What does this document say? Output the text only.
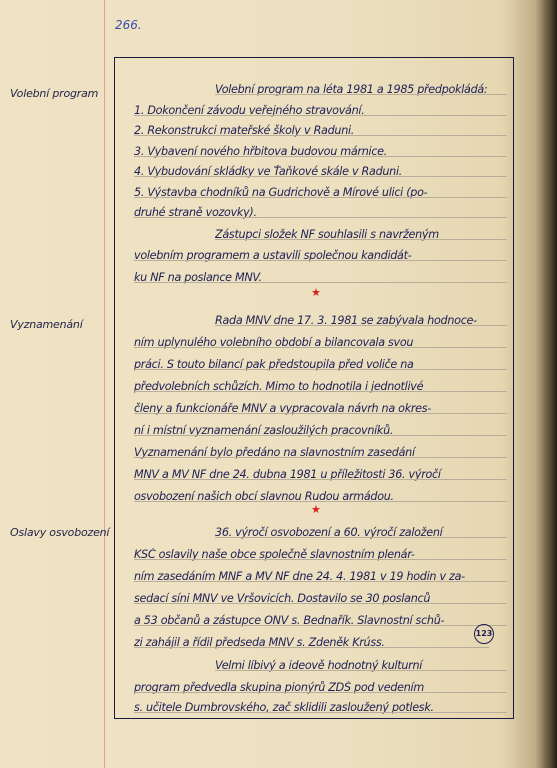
266.
Volební program
Vyznamenání
Oslavy osvobození
Volební program na léta 1981 a 1985 předpokládá:
1. Dokončení závodu veřejného stravování.
2. Rekonstrukci mateřské školy v Raduni.
3. Vybavení nového hřbitova budovou márnice.
4. Vybudování skládky ve Ťaňkové skále v Raduni.
5. Výstavba chodníků na Gudrichově a Mírové ulici (po-
druhé straně vozovky).
Zástupci složek NF souhlasili s navrženým
volebním programem a ustavili společnou kandidát-
ku NF na poslance MNV.
★
Rada MNV dne 17. 3. 1981 se zabývala hodnoce-
ním uplynulého volebního období a bilancovala svou
práci. S touto bilancí pak předstoupila před voliče na
předvolebních schůzích. Mimo to hodnotila i jednotlivé
členy a funkcionáře MNV a vypracovala návrh na okres-
ní i místní vyznamenání zasloužilých pracovníků.
Vyznamenání bylo předáno na slavnostním zasedání
MNV a MV NF dne 24. dubna 1981 u příležitosti 36. výročí
osvobození našich obcí slavnou Rudou armádou.
★
36. výročí osvobození a 60. výročí založení
KSČ oslavily naše obce společně slavnostním plenár-
ním zasedáním MNF a MV NF dne 24. 4. 1981 v 19 hodin v za-
sedací síni MNV ve Vršovicích. Dostavilo se 30 poslanců
a 53 občanů a zástupce ONV s. Bednařík. Slavnostní schů-
zi zahájil a řídil předseda MNV s. Zdeněk Krúss.
123
Velmi líbivý a ideově hodnotný kulturní
program předvedla skupina pionýrů ZDŠ pod vedením
s. učitele Dumbrovského, zač sklidili zasloužený potlesk.
